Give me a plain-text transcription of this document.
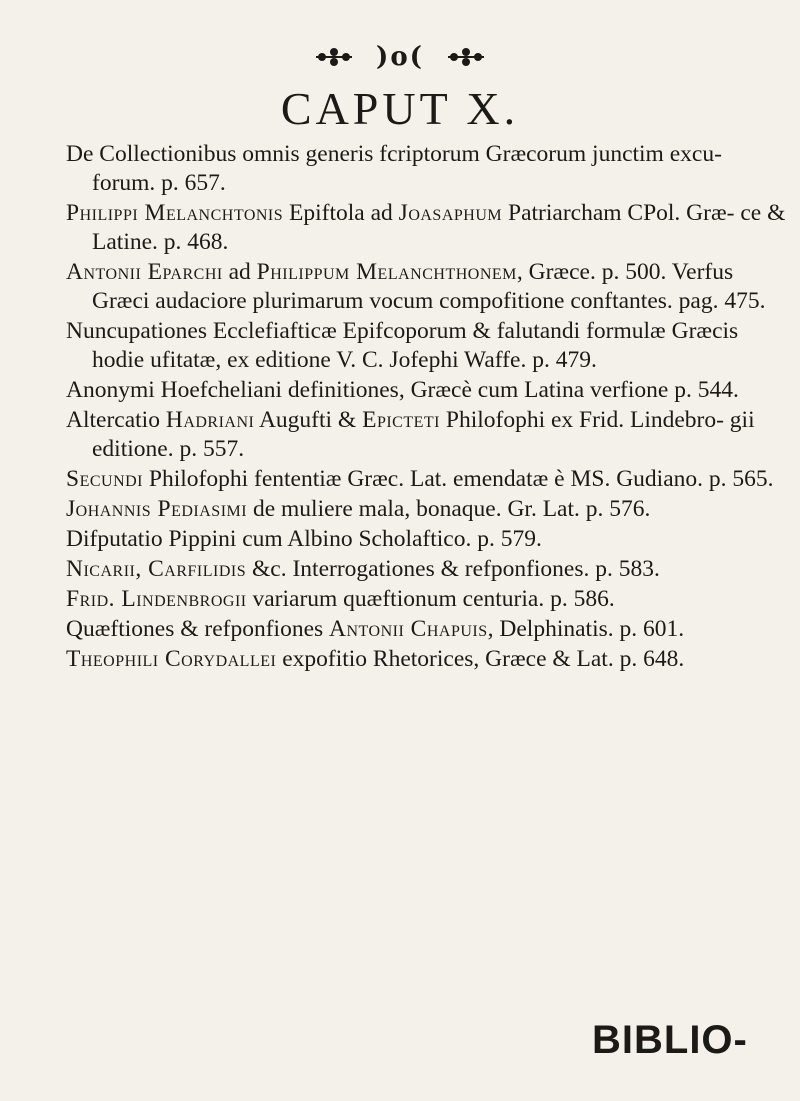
)o(
CAPUT X.

De Collectionibus omnis generis fcriptorum Græcorum junctim excu- forum. p. 657.

Philippi Melanchtonis Epiftola ad Joasaphum Patriarcham CPol. Græ- ce & Latine. p. 468.

Antonii Eparchi ad Philippum Melanchthonem, Græce. p. 500. Verfus Græci audaciore plurimarum vocum compofitione conftantes. pag. 475.

Nuncupationes Ecclefiafticæ Epifcoporum & falutandi formulæ Græcis hodie ufitatæ, ex editione V. C. Jofephi Waffe. p. 479.

Anonymi Hoefcheliani definitiones, Græcè cum Latina verfione p. 544.

Altercatio Hadriani Augufti & Epicteti Philofophi ex Frid. Lindebro- gii editione. p. 557.

Secundi Philofophi fententiæ Græc. Lat. emendatæ è MS. Gudiano. p. 565.

Johannis Pediasimi de muliere mala, bonaque. Gr. Lat. p. 576.

Difputatio Pippini cum Albino Scholaftico. p. 579.

Nicarii, Carfilidis &c. Interrogationes & refponfiones. p. 583.

Frid. Lindenbrogii variarum quæftionum centuria. p. 586.

Quæftiones & refponfiones Antonii Chapuis, Delphinatis. p. 601.

Theophili Corydallei expofitio Rhetorices, Græce & Lat. p. 648.

BIBLIO-
